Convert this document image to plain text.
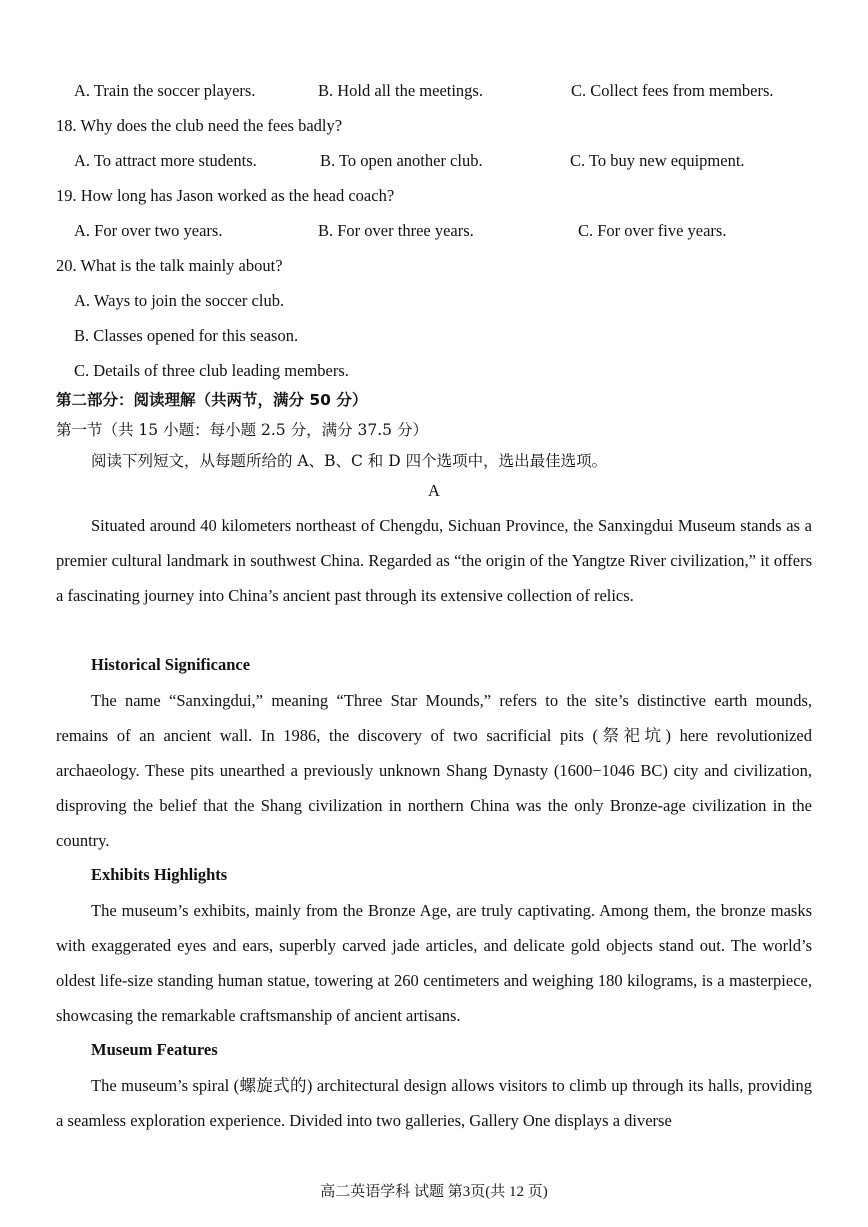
A. Train the soccer players.	B. Hold all the meetings.	C. Collect fees from members.
18. Why does the club need the fees badly?
A. To attract more students.	B. To open another club.	C. To buy new equipment.
19. How long has Jason worked as the head coach?
A. For over two years.	B. For over three years.	C. For over five years.
20. What is the talk mainly about?
A. Ways to join the soccer club.
B. Classes opened for this season.
C. Details of three club leading members.
第二部分：阅读理解（共两节，满分 50 分）
第一节（共 15 小题：每小题 2.5 分，满分 37.5 分）
阅读下列短文，从每题所给的 A、B、C 和 D 四个选项中，选出最佳选项。
A
Situated around 40 kilometers northeast of Chengdu, Sichuan Province, the Sanxingdui Museum stands as a premier cultural landmark in southwest China. Regarded as “the origin of the Yangtze River civilization,” it offers a fascinating journey into China’s ancient past through its extensive collection of relics.
Historical Significance
The name “Sanxingdui,” meaning “Three Star Mounds,” refers to the site’s distinctive earth mounds, remains of an ancient wall. In 1986, the discovery of two sacrificial pits (祭祀坑) here revolutionized archaeology. These pits unearthed a previously unknown Shang Dynasty (1600−1046 BC) city and civilization, disproving the belief that the Shang civilization in northern China was the only Bronze-age civilization in the country.
Exhibits Highlights
The museum’s exhibits, mainly from the Bronze Age, are truly captivating. Among them, the bronze masks with exaggerated eyes and ears, superbly carved jade articles, and delicate gold objects stand out. The world’s oldest life-size standing human statue, towering at 260 centimeters and weighing 180 kilograms, is a masterpiece, showcasing the remarkable craftsmanship of ancient artisans.
Museum Features
The museum’s spiral (螺旋式的) architectural design allows visitors to climb up through its halls, providing a seamless exploration experience. Divided into two galleries, Gallery One displays a diverse
高二英语学科 试题 第3页(共 12 页)
